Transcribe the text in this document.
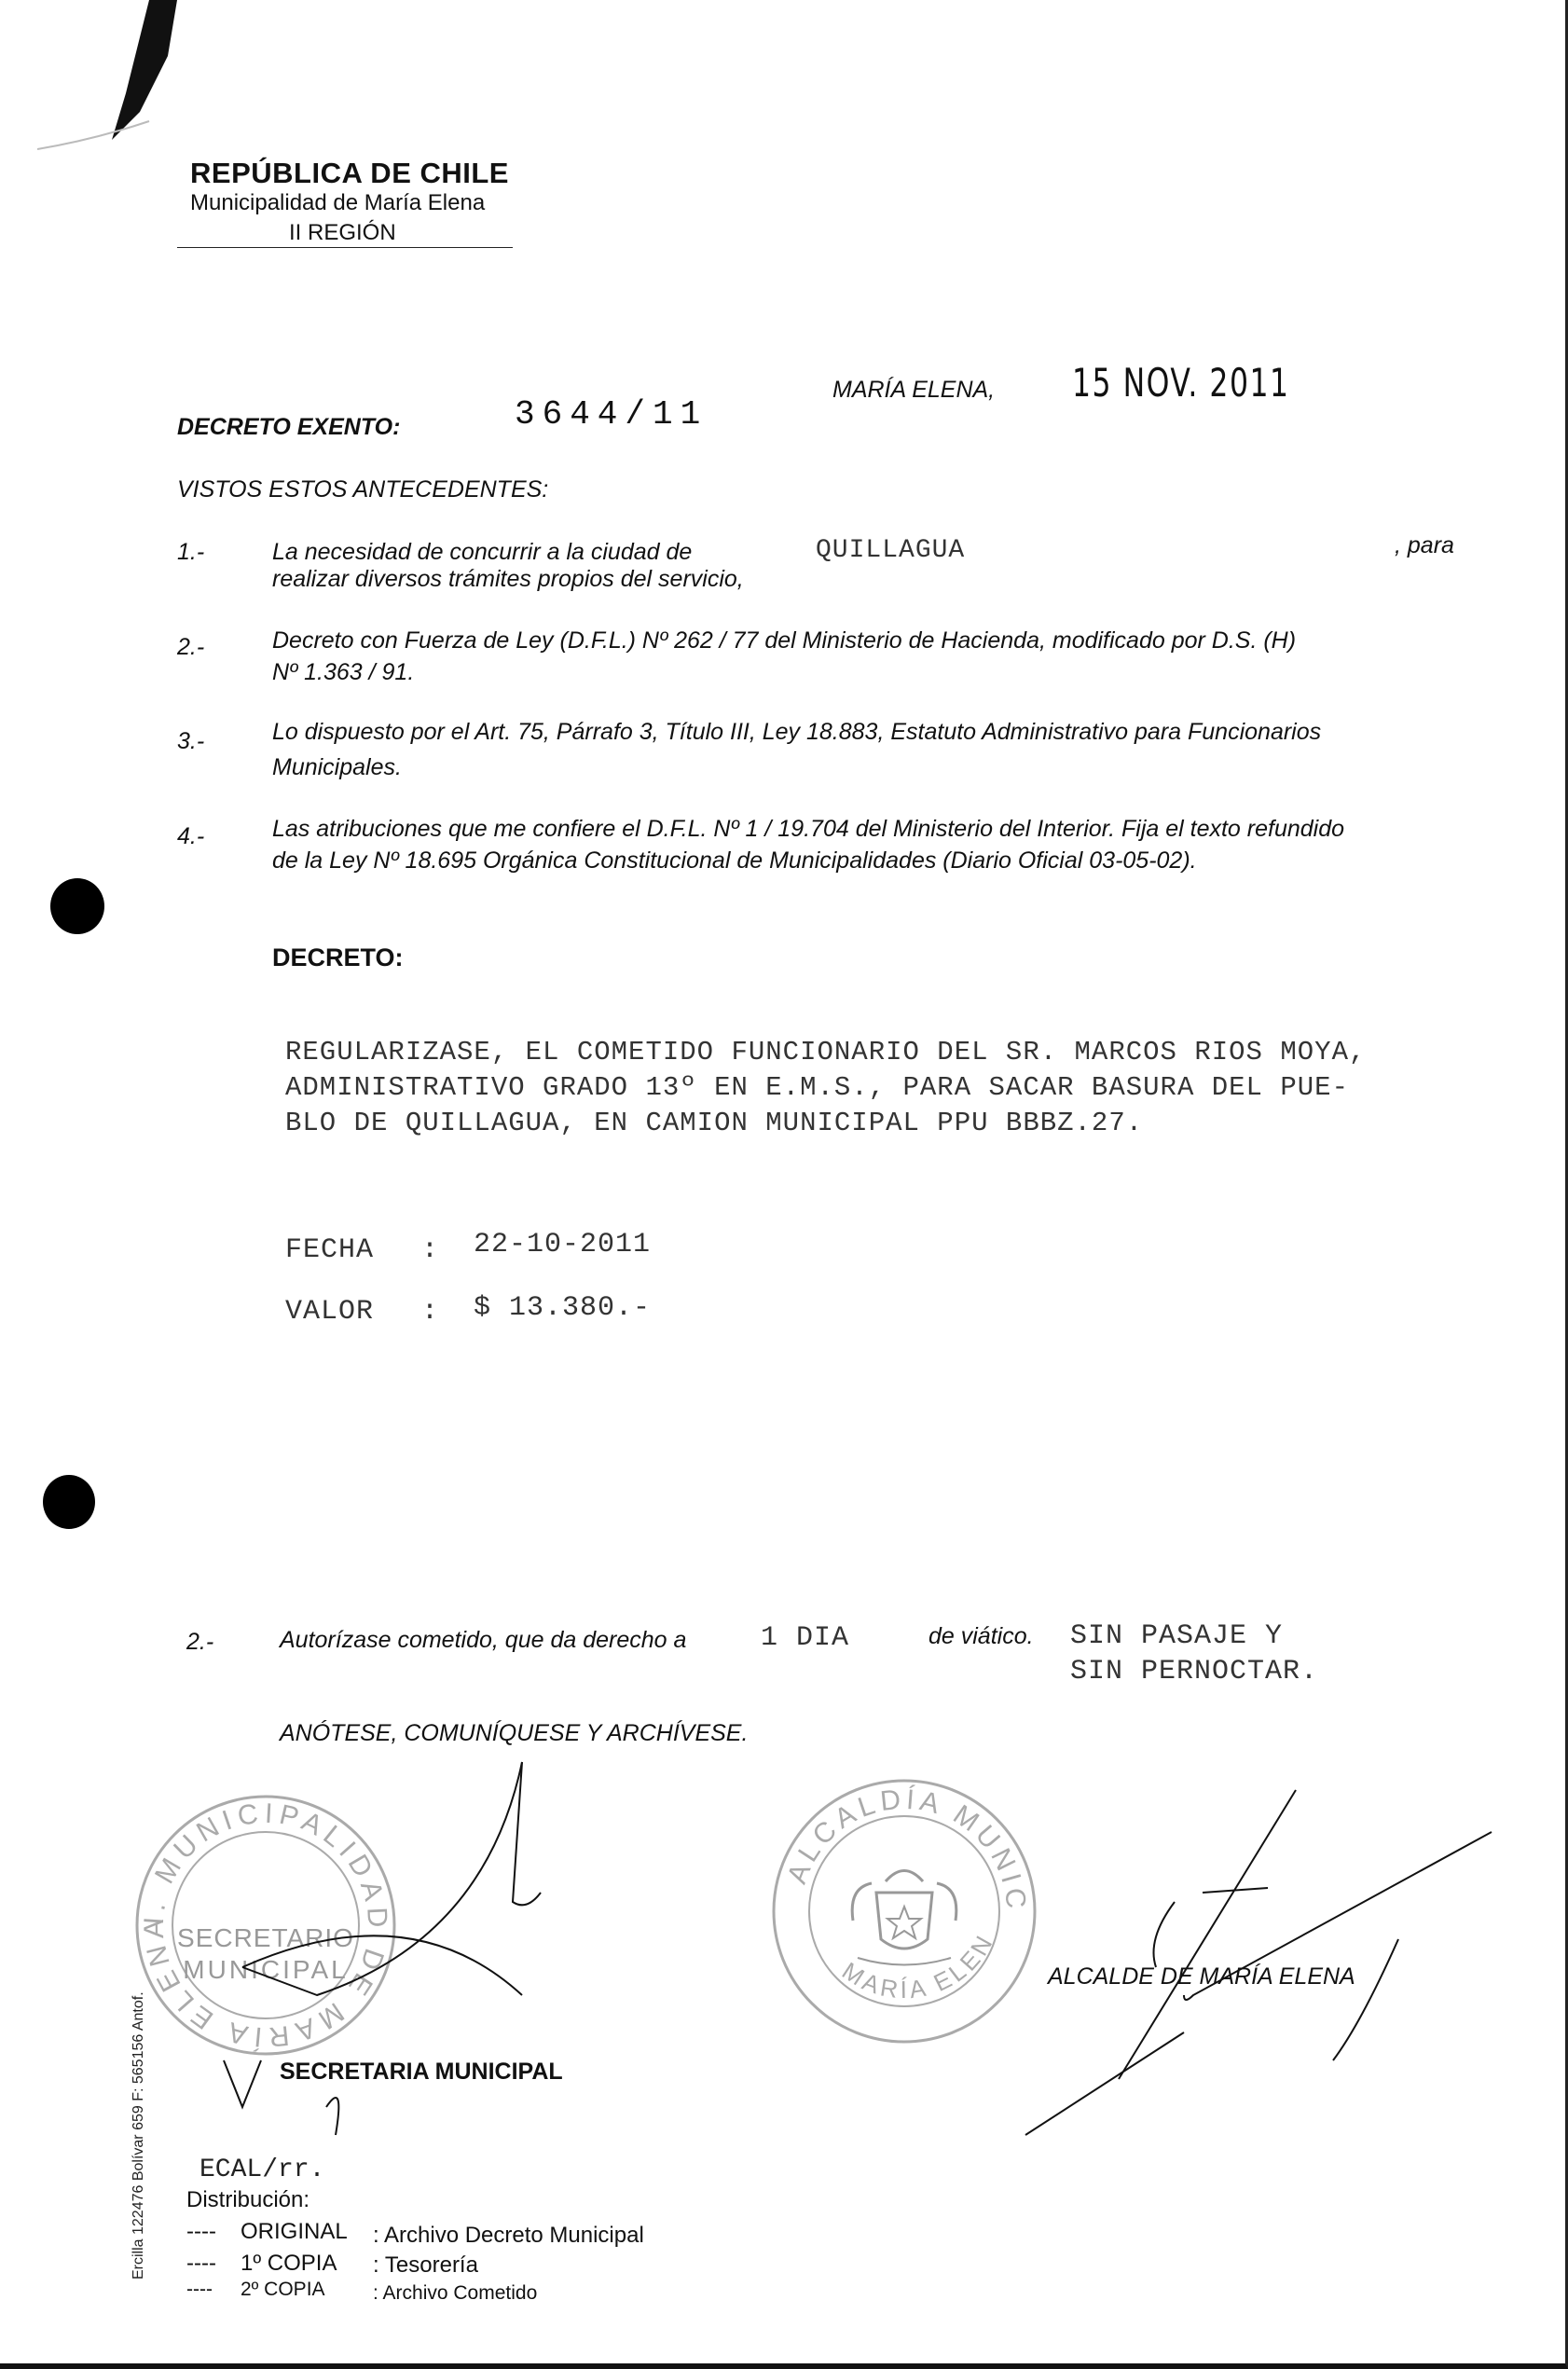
REPÚBLICA DE CHILE
Municipalidad de María Elena
II REGIÓN
DECRETO EXENTO:	3644/11
MARÍA ELENA, 15 NOV. 2011
VISTOS ESTOS ANTECEDENTES:
1.-	La necesidad de concurrir a la ciudad de	QUILLAGUA	, para
realizar diversos trámites propios del servicio,
2.-	Decreto con Fuerza de Ley (D.F.L.) Nº 262 / 77 del Ministerio de Hacienda, modificado por D.S. (H)
Nº 1.363 / 91.
3.-	Lo dispuesto por el Art. 75, Párrafo 3, Título III, Ley 18.883, Estatuto Administrativo para Funcionarios
Municipales.
4.-	Las atribuciones que me confiere el D.F.L. Nº 1 / 19.704 del Ministerio del Interior. Fija el texto refundido
de la Ley Nº 18.695 Orgánica Constitucional de Municipalidades (Diario Oficial 03-05-02).
DECRETO:
REGULARIZASE, EL COMETIDO FUNCIONARIO DEL SR. MARCOS RIOS MOYA,
ADMINISTRATIVO GRADO 13º EN E.M.S., PARA SACAR BASURA DEL PUE-
BLO DE QUILLAGUA, EN CAMION MUNICIPAL PPU BBBZ.27.
FECHA : 22-10-2011
VALOR : $ 13.380.-
2.-	Autorízase cometido, que da derecho a	1 DIA	de viático. SIN PASAJE Y
SIN PERNOCTAR.
ANÓTESE, COMUNÍQUESE Y ARCHÍVESE.
I. MUNICIPALIDAD DE MARÍA ELENA SECRETARIO
MUNICIPAL
ALCALDÍA MUNIC
MARÍA ELEN
ALCALDE DE MARÍA ELENA
SECRETARIA MUNICIPAL
ECAL/rr.
Distribución:
---- ORIGINAL : Archivo Decreto Municipal
---- 1º COPIA : Tesorería
---- 2º COPIA : Archivo Cometido
Ercilla 122476 Bolívar 659 F: 565156 Antof.
